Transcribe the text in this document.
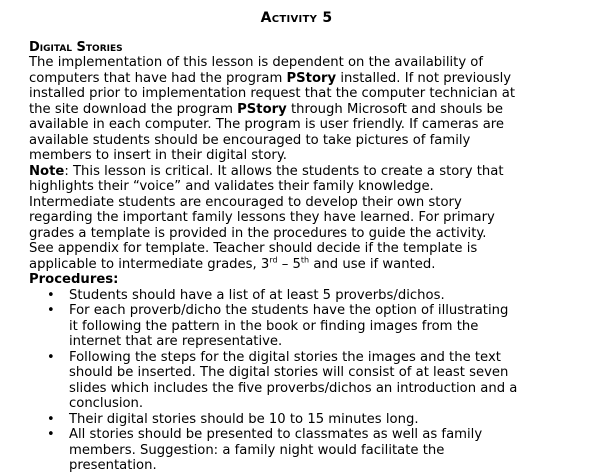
Activity 5
Digital Stories

The implementation of this lesson is dependent on the availability of
computers that have had the program PStory installed. If not previously
installed prior to implementation request that the computer technician at
the site download the program PStory through Microsoft and shouls be
available in each computer. The program is user friendly. If cameras are
available students should be encouraged to take pictures of family
members to insert in their digital story.

Note: This lesson is critical. It allows the students to create a story that
highlights their “voice” and validates their family knowledge.
Intermediate students are encouraged to develop their own story
regarding the important family lessons they have learned. For primary
grades a template is provided in the procedures to guide the activity.
See appendix for template. Teacher should decide if the template is
applicable to intermediate grades, 3rd – 5th and use if wanted.

Procedures:
• Students should have a list of at least 5 proverbs/dichos.
• For each proverb/dicho the students have the option of illustrating
it following the pattern in the book or finding images from the
internet that are representative.
• Following the steps for the digital stories the images and the text
should be inserted. The digital stories will consist of at least seven
slides which includes the five proverbs/dichos an introduction and a
conclusion.
• Their digital stories should be 10 to 15 minutes long.
• All stories should be presented to classmates as well as family
members. Suggestion: a family night would facilitate the
presentation.
